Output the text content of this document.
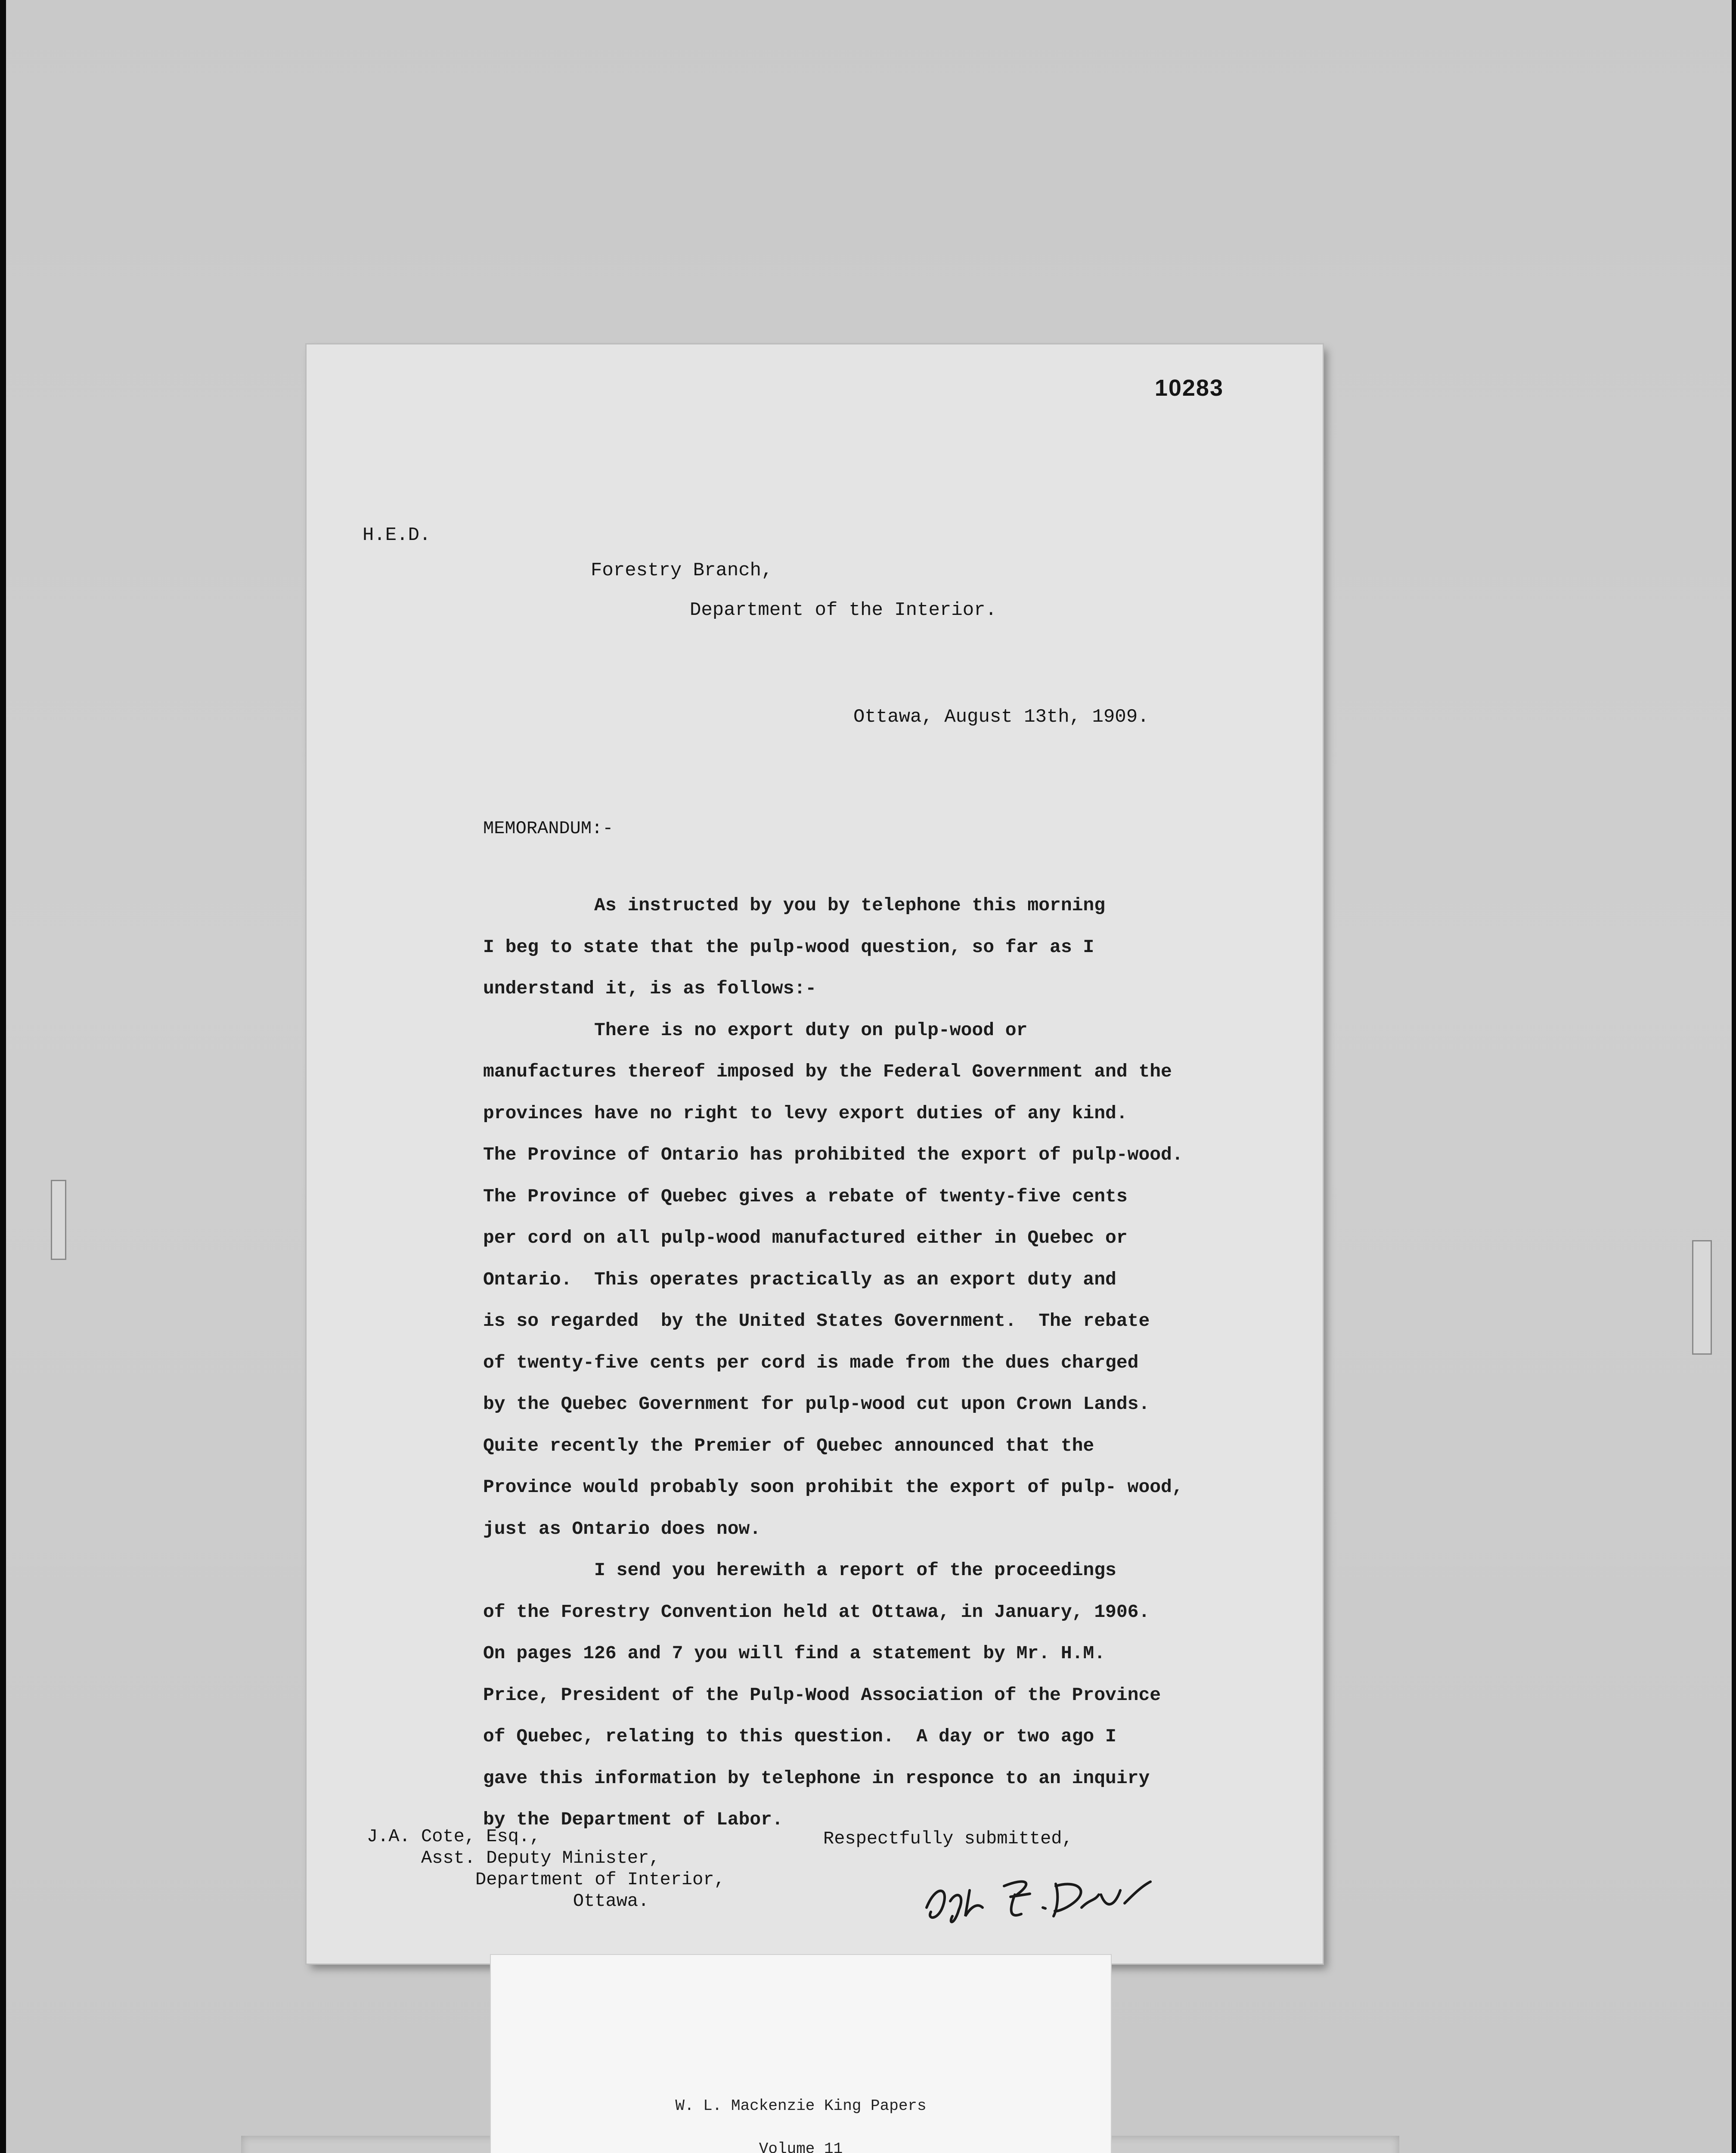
10283
H.E.D.
Forestry Branch,
Department of the Interior.
Ottawa, August 13th, 1909.
MEMORANDUM:-
As instructed by you by telephone this morning
I beg to state that the pulp-wood question, so far as I
understand it, is as follows:-
There is no export duty on pulp-wood or
manufactures thereof imposed by the Federal Government and the
provinces have no right to levy export duties of any kind.
The Province of Ontario has prohibited the export of pulp-wood.
The Province of Quebec gives a rebate of twenty-five cents
per cord on all pulp-wood manufactured either in Quebec or
Ontario.  This operates practically as an export duty and
is so regarded  by the United States Government.  The rebate
of twenty-five cents per cord is made from the dues charged
by the Quebec Government for pulp-wood cut upon Crown Lands.
Quite recently the Premier of Quebec announced that the
Province would probably soon prohibit the export of pulp- wood,
just as Ontario does now.
I send you herewith a report of the proceedings
of the Forestry Convention held at Ottawa, in January, 1906.
On pages 126 and 7 you will find a statement by Mr. H.M.
Price, President of the Pulp-Wood Association of the Province
of Quebec, relating to this question.  A day or two ago I
gave this information by telephone in responce to an inquiry
by the Department of Labor.
J.A. Cote, Esq.,
Asst. Deputy Minister,
Department of Interior,
Ottawa.
Respectfully submitted,
W. L. Mackenzie King Papers
Volume 11
